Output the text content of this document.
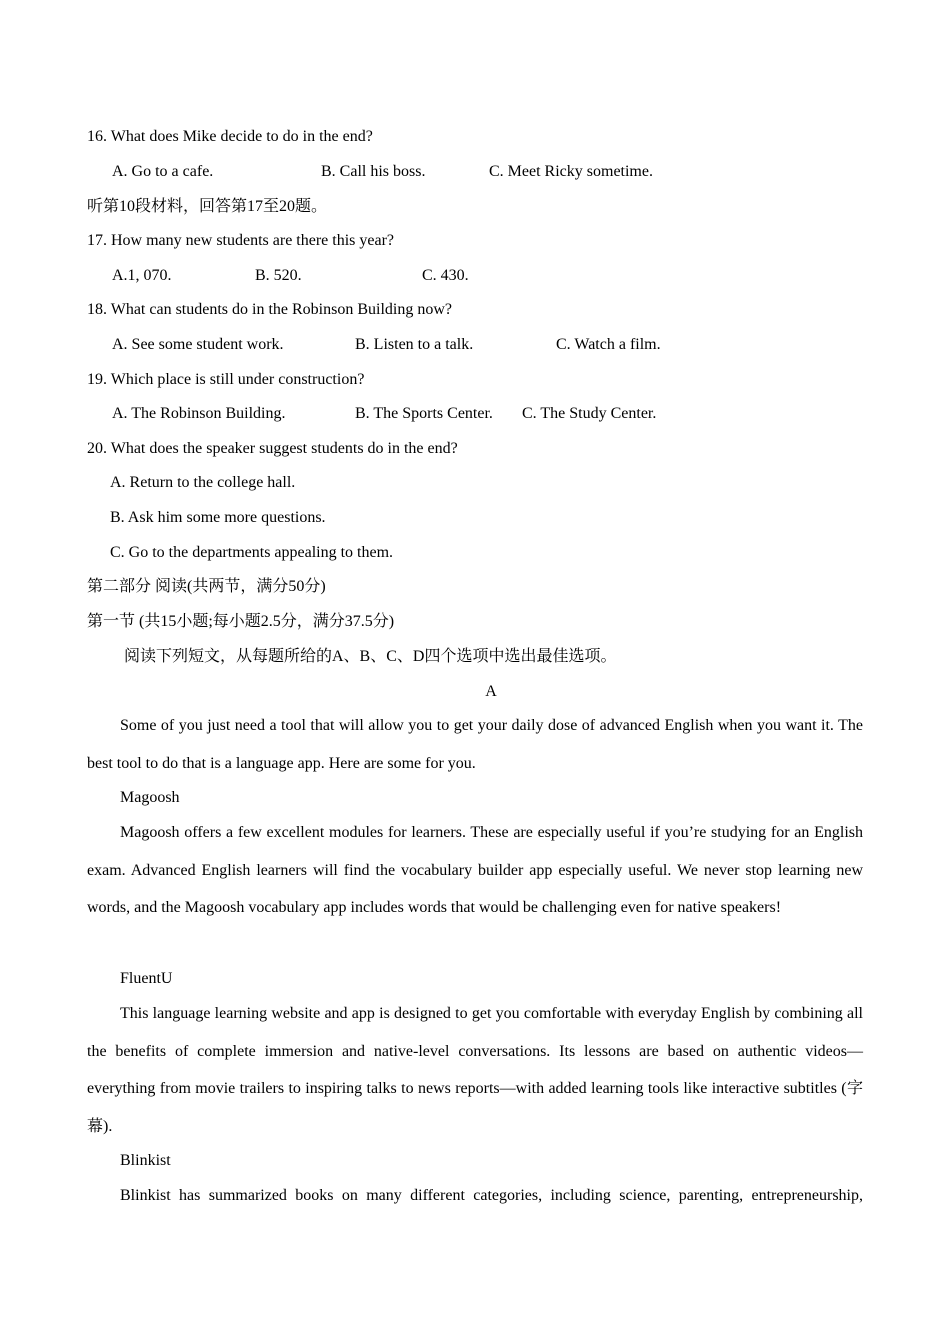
16. What does Mike decide to do in the end?
A. Go to a cafe.	B. Call his boss.	C. Meet Ricky sometime.
听第10段材料，回答第17至20题。
17. How many new students are there this year?
A.1, 070.	B. 520.	C. 430.
18. What can students do in the Robinson Building now?
A. See some student work.	B. Listen to a talk.	C. Watch a film.
19. Which place is still under construction?
A. The Robinson Building.	B. The Sports Center. C. The Study Center.
20. What does the speaker suggest students do in the end?
A. Return to the college hall.
B. Ask him some more questions.
C. Go to the departments appealing to them.
第二部分 阅读(共两节，满分50分)
第一节 (共15小题;每小题2.5分，满分37.5分)
阅读下列短文，从每题所给的A、B、C、D四个选项中选出最佳选项。
A
Some of you just need a tool that will allow you to get your daily dose of advanced English when you want it. The best tool to do that is a language app. Here are some for you.
Magoosh
Magoosh offers a few excellent modules for learners. These are especially useful if you’re studying for an English exam. Advanced English learners will find the vocabulary builder app especially useful. We never stop learning new words, and the Magoosh vocabulary app includes words that would be challenging even for native speakers!
FluentU
This language learning website and app is designed to get you comfortable with everyday English by combining all the benefits of complete immersion and native-level conversations. Its lessons are based on authentic videos—everything from movie trailers to inspiring talks to news reports—with added learning tools like interactive subtitles (字幕).
Blinkist
Blinkist has summarized books on many different categories, including science, parenting, entrepreneurship,
